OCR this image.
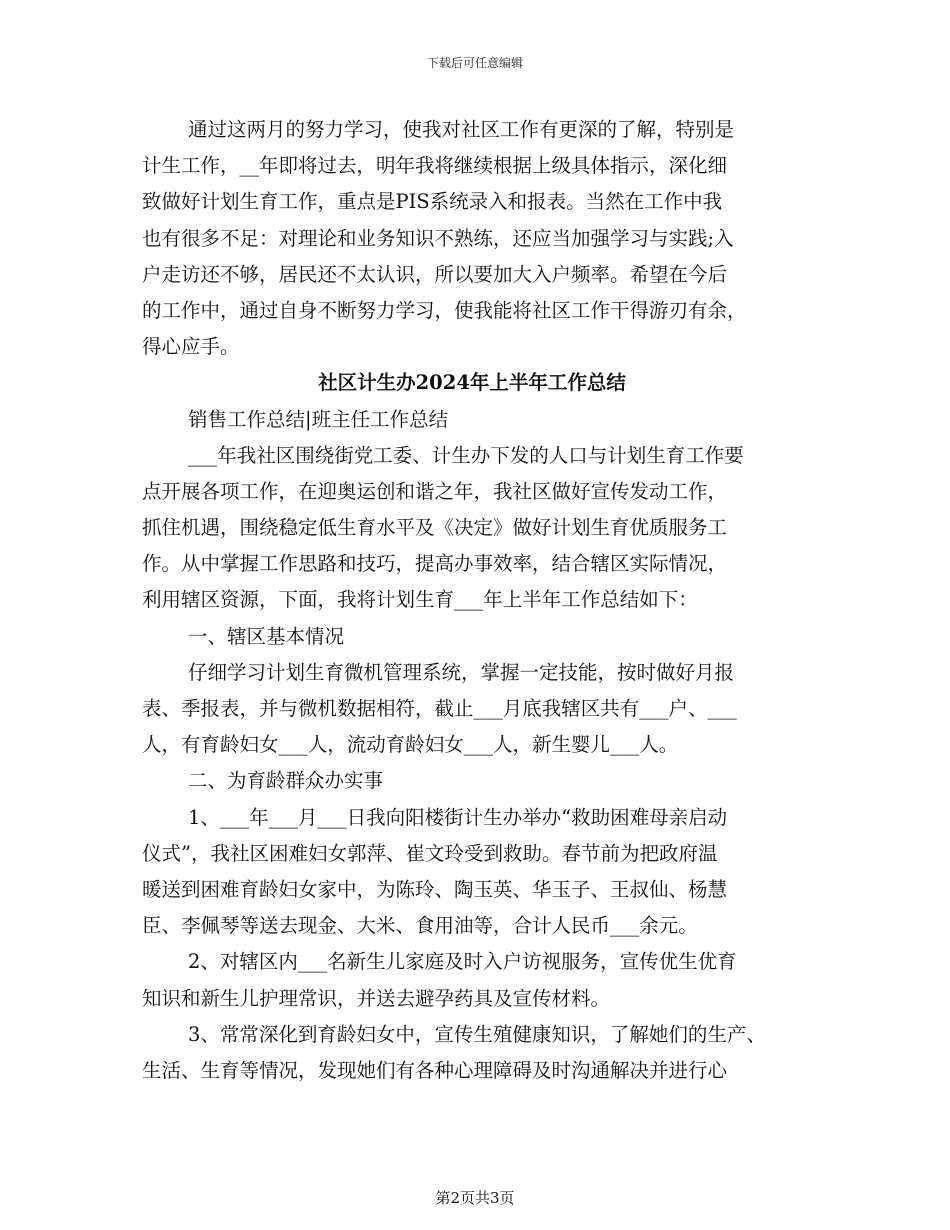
下载后可任意编辑
通过这两月的努力学习，使我对社区工作有更深的了解，特别是
计生工作，__年即将过去，明年我将继续根据上级具体指示，深化细
致做好计划生育工作，重点是PIS系统录入和报表。当然在工作中我
也有很多不足：对理论和业务知识不熟练，还应当加强学习与实践;入
户走访还不够，居民还不太认识，所以要加大入户频率。希望在今后
的工作中，通过自身不断努力学习，使我能将社区工作干得游刃有余，
得心应手。
社区计生办2024年上半年工作总结
销售工作总结|班主任工作总结
___年我社区围绕街党工委、计生办下发的人口与计划生育工作要
点开展各项工作，在迎奥运创和谐之年，我社区做好宣传发动工作，
抓住机遇，围绕稳定低生育水平及《决定》做好计划生育优质服务工
作。从中掌握工作思路和技巧，提高办事效率，结合辖区实际情况，
利用辖区资源，下面，我将计划生育___年上半年工作总结如下：
一、辖区基本情况
仔细学习计划生育微机管理系统，掌握一定技能，按时做好月报
表、季报表，并与微机数据相符，截止___月底我辖区共有___户、___
人，有育龄妇女___人，流动育龄妇女___人，新生婴儿___人。
二、为育龄群众办实事
1、___年___月___日我向阳楼街计生办举办“救助困难母亲启动
仪式”，我社区困难妇女郭萍、崔文玲受到救助。春节前为把政府温
暖送到困难育龄妇女家中，为陈玲、陶玉英、华玉子、王叔仙、杨慧
臣、李佩琴等送去现金、大米、食用油等，合计人民币___余元。
2、对辖区内___名新生儿家庭及时入户访视服务，宣传优生优育
知识和新生儿护理常识，并送去避孕药具及宣传材料。
3、常常深化到育龄妇女中，宣传生殖健康知识，了解她们的生产、
生活、生育等情况，发现她们有各种心理障碍及时沟通解决并进行心
第2页共3页
